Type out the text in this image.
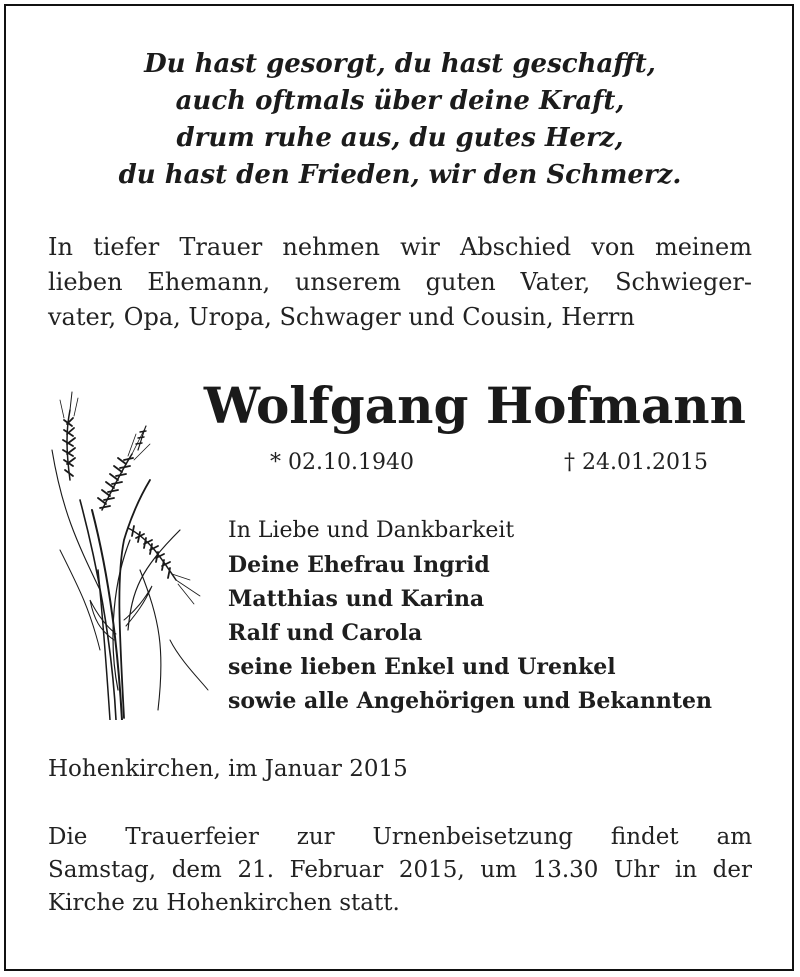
Du hast gesorgt, du hast geschafft,
auch oftmals über deine Kraft,
drum ruhe aus, du gutes Herz,
du hast den Frieden, wir den Schmerz.
In tiefer Trauer nehmen wir Abschied von meinem
lieben Ehemann, unserem guten Vater, Schwieger-
vater, Opa, Uropa, Schwager und Cousin, Herrn
Wolfgang Hofmann
* 02.10.1940	† 24.01.2015
In Liebe und Dankbarkeit
Deine Ehefrau Ingrid
Matthias und Karina
Ralf und Carola
seine lieben Enkel und Urenkel
sowie alle Angehörigen und Bekannten
Hohenkirchen, im Januar 2015
Die Trauerfeier zur Urnenbeisetzung findet am
Samstag, dem 21. Februar 2015, um 13.30 Uhr in der
Kirche zu Hohenkirchen statt.
